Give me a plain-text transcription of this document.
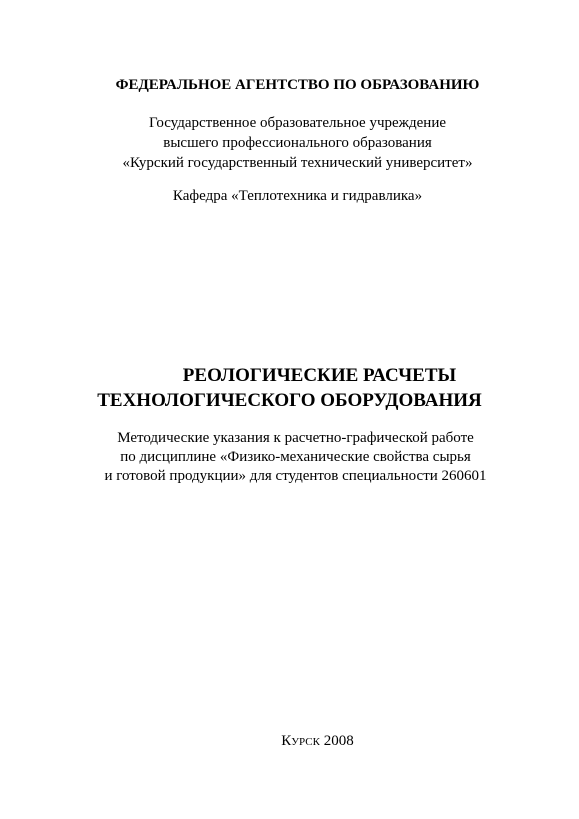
ФЕДЕРАЛЬНОЕ АГЕНТСТВО ПО ОБРАЗОВАНИЮ
Государственное образовательное учреждение
высшего профессионального образования
«Курский государственный технический университет»
Кафедра «Теплотехника и гидравлика»
РЕОЛОГИЧЕСКИЕ РАСЧЕТЫ
ТЕХНОЛОГИЧЕСКОГО ОБОРУДОВАНИЯ
Методические указания к расчетно-графической работе
по дисциплине «Физико-механические свойства сырья
и готовой продукции» для студентов специальности 260601
Курск 2008
